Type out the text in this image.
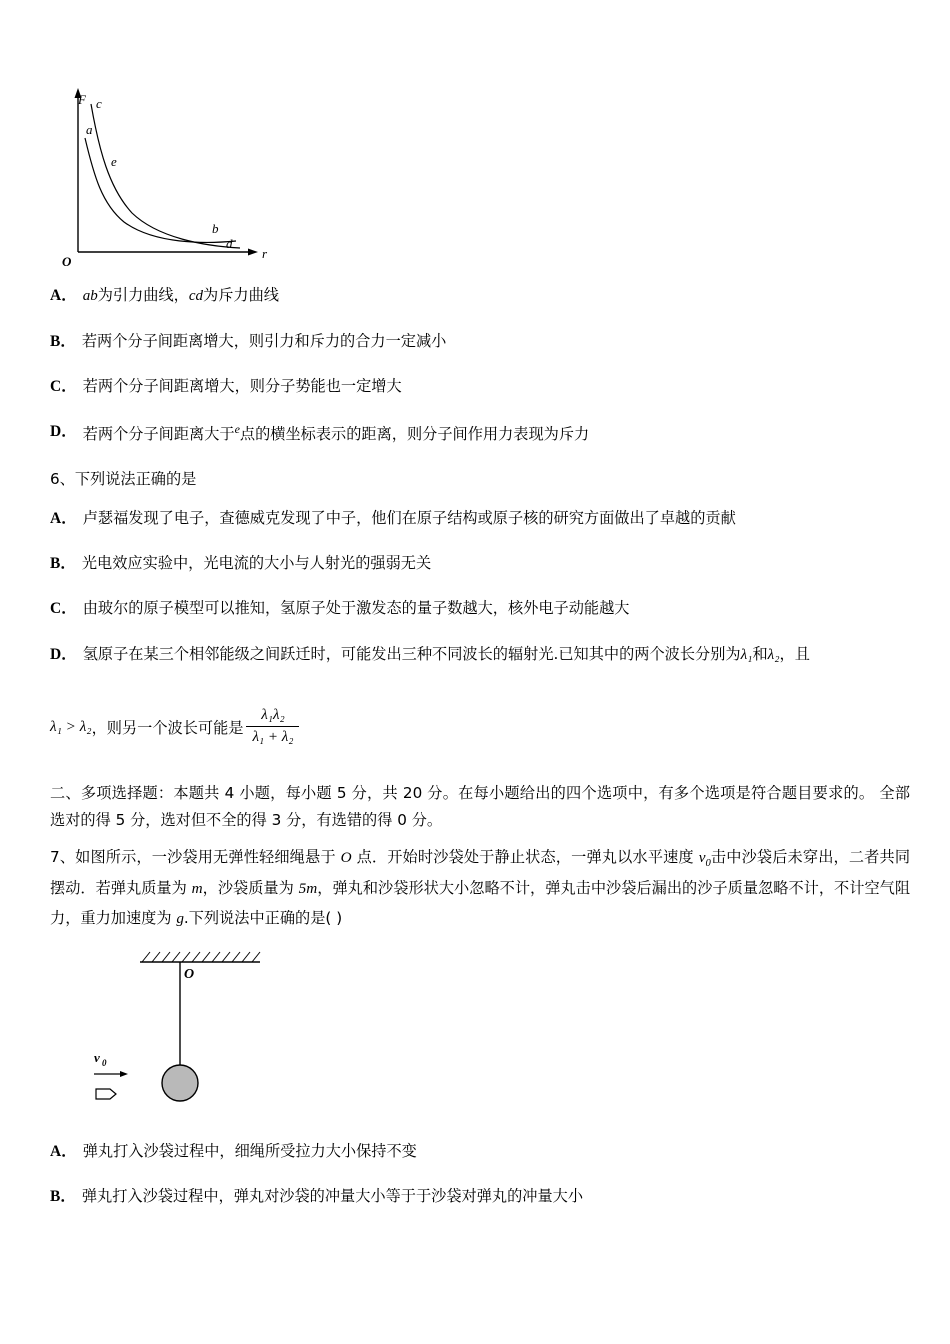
a
c
e
b
d
F
O
r
A． ab为引力曲线，cd为斥力曲线
B． 若两个分子间距离增大，则引力和斥力的合力一定减小
C． 若两个分子间距离增大，则分子势能也一定增大
D． 若两个分子间距离大于$^e$点的横坐标表示的距离，则分子间作用力表现为斥力
6、下列说法正确的是
A． 卢瑟福发现了电子，查德威克发现了中子，他们在原子结构或原子核的研究方面做出了卓越的贡献
B． 光电效应实验中，光电流的大小与人射光的强弱无关
C． 由玻尔的原子模型可以推知，氢原子处于激发态的量子数越大，核外电子动能越大
D． 氢原子在某三个相邻能级之间跃迁时，可能发出三种不同波长的辐射光.已知其中的两个波长分别为λ₁和λ₂，且
λ₁ > λ₂ ，则另一个波长可能是 $\frac{\text{λ₁λ₂}}{\text{λ₁ + λ₂}}$
二、多项选择题：本题共 4 小题，每小题 5 分，共 20 分。在每小题给出的四个选项中，有多个选项是符合题目要求的。 全部选对的得 5 分，选对但不全的得 3 分，有选错的得 0 分。
7、如图所示，一沙袋用无弹性轻细绳悬于 O 点．开始时沙袋处于静止状态，一弹丸以水平速度 $v_0$击中沙袋后未穿出，二者共同摆动．若弹丸质量为 m，沙袋质量为 5m，弹丸和沙袋形状大小忽略不计，弹丸击中沙袋后漏出的沙子质量忽略不计，不计空气阻力，重力加速度为 g.下列说法中正确的是( )
O
v 0
A． 弹丸打入沙袋过程中，细绳所受拉力大小保持不变
B． 弹丸打入沙袋过程中，弹丸对沙袋的冲量大小等于于沙袋对弹丸的冲量大小
